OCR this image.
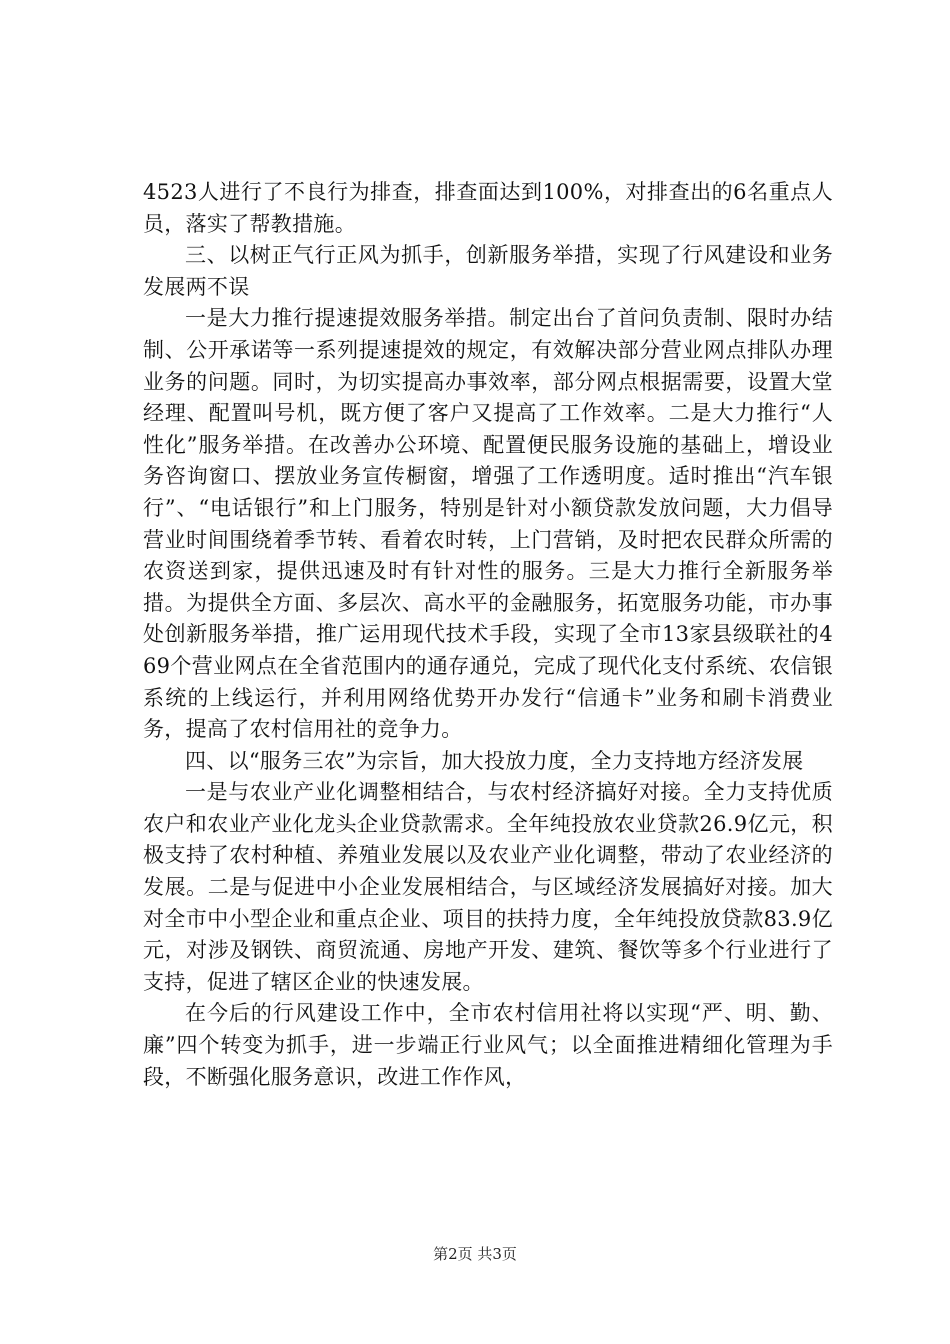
4523人进行了不良行为排查，排查面达到100%，对排查出的6名重点人员，落实了帮教措施。

三、以树正气行正风为抓手，创新服务举措，实现了行风建设和业务发展两不误

一是大力推行提速提效服务举措。制定出台了首问负责制、限时办结制、公开承诺等一系列提速提效的规定，有效解决部分营业网点排队办理业务的问题。同时，为切实提高办事效率，部分网点根据需要，设置大堂经理、配置叫号机，既方便了客户又提高了工作效率。二是大力推行“人性化”服务举措。在改善办公环境、配置便民服务设施的基础上，增设业务咨询窗口、摆放业务宣传橱窗，增强了工作透明度。适时推出“汽车银行”、“电话银行”和上门服务，特别是针对小额贷款发放问题，大力倡导营业时间围绕着季节转、看着农时转，上门营销，及时把农民群众所需的农资送到家，提供迅速及时有针对性的服务。三是大力推行全新服务举措。为提供全方面、多层次、高水平的金融服务，拓宽服务功能，市办事处创新服务举措，推广运用现代技术手段，实现了全市13家县级联社的469个营业网点在全省范围内的通存通兑，完成了现代化支付系统、农信银系统的上线运行，并利用网络优势开办发行“信通卡”业务和刷卡消费业务，提高了农村信用社的竞争力。

四、以“服务三农”为宗旨，加大投放力度，全力支持地方经济发展

一是与农业产业化调整相结合，与农村经济搞好对接。全力支持优质农户和农业产业化龙头企业贷款需求。全年纯投放农业贷款26.9亿元，积极支持了农村种植、养殖业发展以及农业产业化调整，带动了农业经济的发展。二是与促进中小企业发展相结合，与区域经济发展搞好对接。加大对全市中小型企业和重点企业、项目的扶持力度，全年纯投放贷款83.9亿元，对涉及钢铁、商贸流通、房地产开发、建筑、餐饮等多个行业进行了支持，促进了辖区企业的快速发展。

在今后的行风建设工作中，全市农村信用社将以实现“严、明、勤、廉”四个转变为抓手，进一步端正行业风气；以全面推进精细化管理为手段，不断强化服务意识，改进工作作风，

第2页 共3页
